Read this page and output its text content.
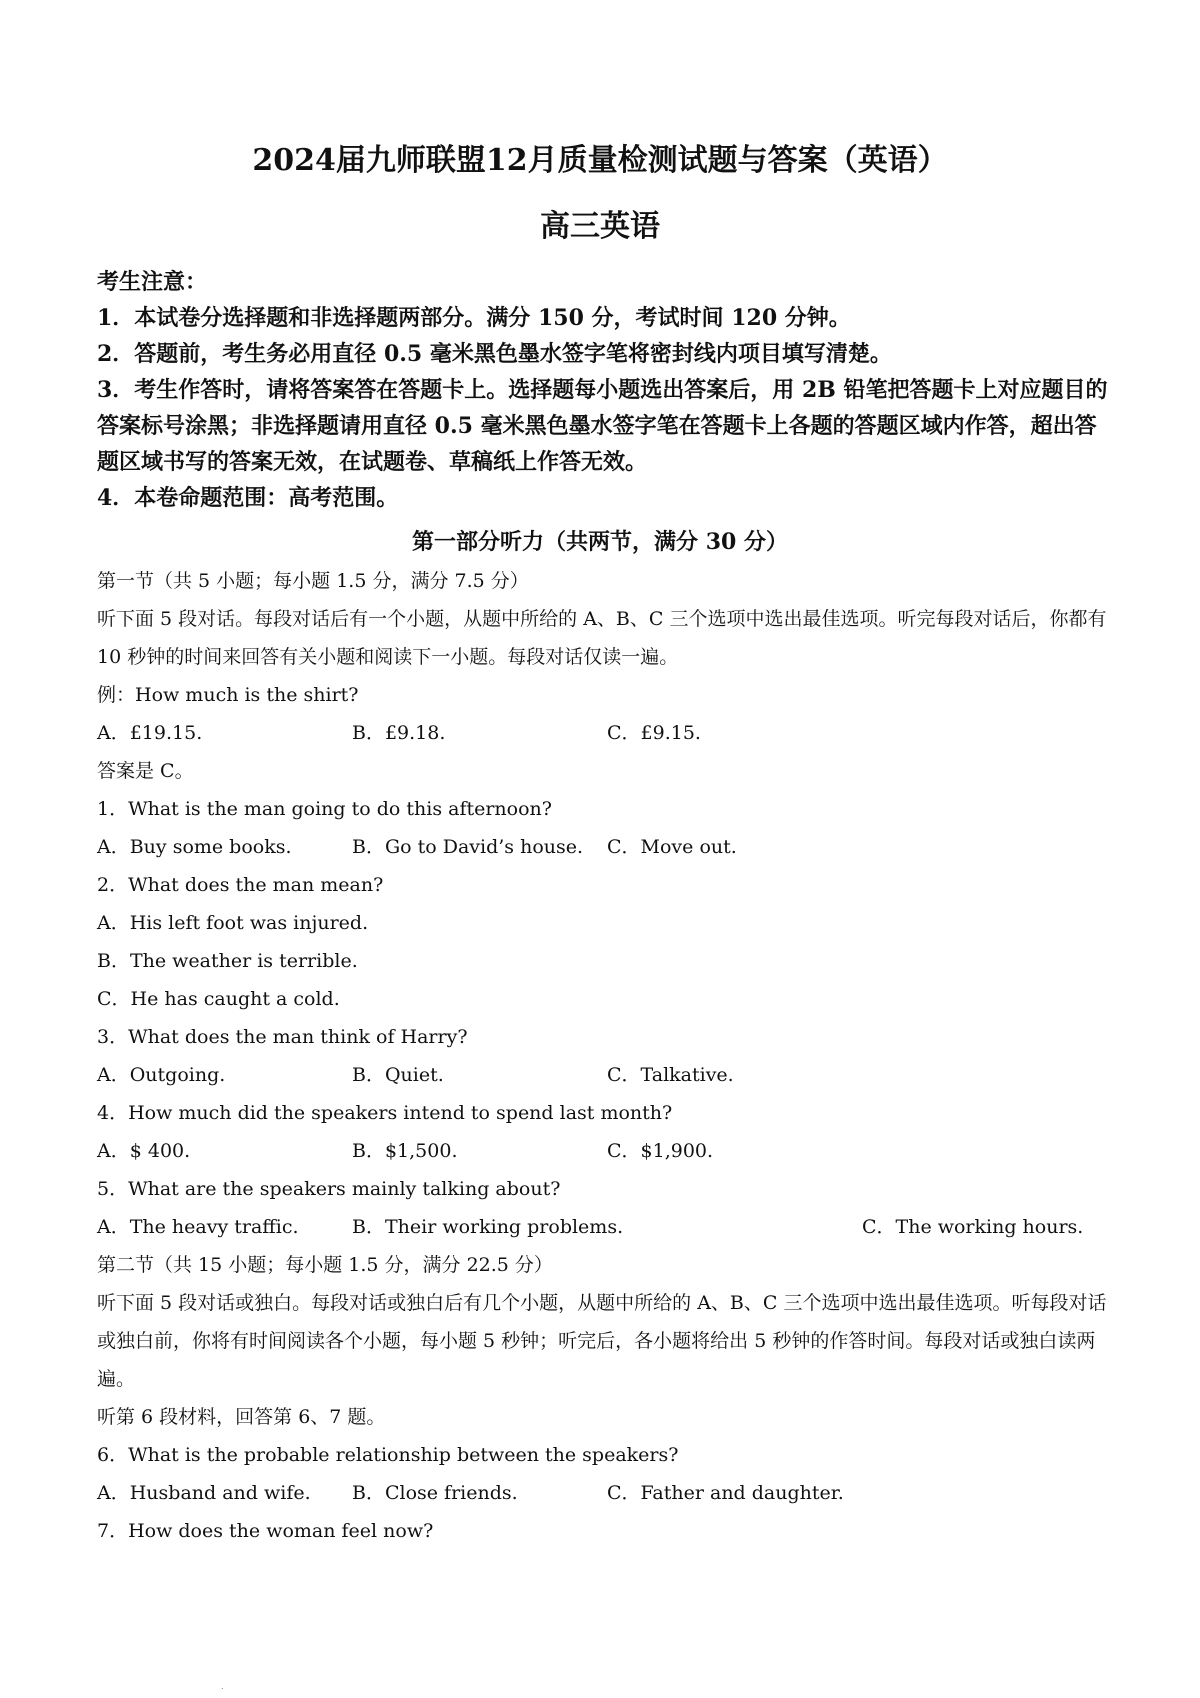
2024届九师联盟12月质量检测试题与答案（英语）
高三英语

考生注意：

1．本试卷分选择题和非选择题两部分。满分 150 分，考试时间 120 分钟。

2．答题前，考生务必用直径 0.5 毫米黑色墨水签字笔将密封线内项目填写清楚。

3．考生作答时，请将答案答在答题卡上。选择题每小题选出答案后，用 2B 铅笔把答题卡上对应题目的答案标号涂黑；非选择题请用直径 0.5 毫米黑色墨水签字笔在答题卡上各题的答题区域内作答，超出答题区域书写的答案无效，在试题卷、草稿纸上作答无效。

4．本卷命题范围：高考范围。

第一部分听力（共两节，满分 30 分）

第一节（共 5 小题；每小题 1.5 分，满分 7.5 分）

听下面 5 段对话。每段对话后有一个小题，从题中所给的 A、B、C 三个选项中选出最佳选项。听完每段对话后，你都有 10 秒钟的时间来回答有关小题和阅读下一小题。每段对话仅读一遍。

例：How much is the shirt?

A．£19.15.	B．£9.18.	C．£9.15.

答案是 C。

1．What is the man going to do this afternoon?

A．Buy some books.	B．Go to David’s house.	C．Move out.

2．What does the man mean?

A．His left foot was injured.

B．The weather is terrible.

C．He has caught a cold.

3．What does the man think of Harry?

A．Outgoing.	B．Quiet.	C．Talkative.

4．How much did the speakers intend to spend last month?

A．$ 400.	B．$1,500.	C．$1,900.

5．What are the speakers mainly talking about?

A．The heavy traffic.	B．Their working problems.	C．The working hours.

第二节（共 15 小题；每小题 1.5 分，满分 22.5 分）

听下面 5 段对话或独白。每段对话或独白后有几个小题，从题中所给的 A、B、C 三个选项中选出最佳选项。听每段对话或独白前，你将有时间阅读各个小题，每小题 5 秒钟；听完后，各小题将给出 5 秒钟的作答时间。每段对话或独白读两遍。

听第 6 段材料，回答第 6、7 题。

6．What is the probable relationship between the speakers?

A．Husband and wife.	B．Close friends.	C．Father and daughter.

7．How does the woman feel now?

.
